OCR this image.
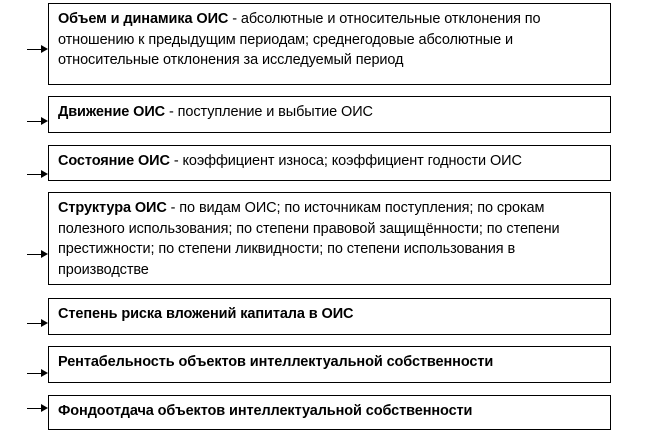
Объем и динамика ОИС - абсолютные и относительные отклонения по отношению к предыдущим периодам; среднегодовые абсолютные и относительные отклонения за исследуемый период
Движение ОИС - поступление и выбытие ОИС
Состояние ОИС - коэффициент износа; коэффициент годности ОИС
Структура ОИС - по видам ОИС; по источникам поступления; по срокам полезного использования; по степени правовой защищённости; по степени престижности; по степени ликвидности; по степени использования в производстве
Степень риска вложений капитала в ОИС
Рентабельность объектов интеллектуальной собственности
Фондоотдача объектов интеллектуальной собственности
